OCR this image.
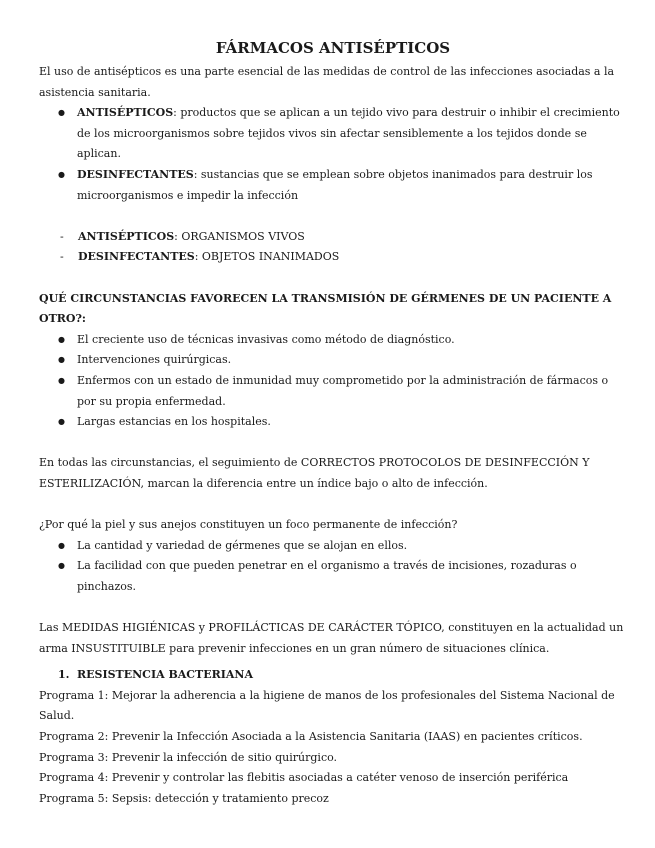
FÁRMACOS ANTISÉPTICOS

El uso de antisépticos es una parte esencial de las medidas de control de las infecciones asociadas a la asistencia sanitaria.

● ANTISÉPTICOS: productos que se aplican a un tejido vivo para destruir o inhibir el crecimiento de los microorganismos sobre tejidos vivos sin afectar sensiblemente a los tejidos donde se aplican.
● DESINFECTANTES: sustancias que se emplean sobre objetos inanimados para destruir los microorganismos e impedir la infección
- ANTISÉPTICOS: ORGANISMOS VIVOS
- DESINFECTANTES: OBJETOS INANIMADOS

QUÉ CIRCUNSTANCIAS FAVORECEN LA TRANSMISIÓN DE GÉRMENES DE UN PACIENTE A OTRO?:

● El creciente uso de técnicas invasivas como método de diagnóstico.
● Intervenciones quirúrgicas.
● Enfermos con un estado de inmunidad muy comprometido por la administración de fármacos o por su propia enfermedad.
● Largas estancias en los hospitales.

En todas las circunstancias, el seguimiento de CORRECTOS PROTOCOLOS DE DESINFECCIÓN Y ESTERILIZACIÓN, marcan la diferencia entre un índice bajo o alto de infección.

¿Por qué la piel y sus anejos constituyen un foco permanente de infección?

● La cantidad y variedad de gérmenes que se alojan en ellos.
● La facilidad con que pueden penetrar en el organismo a través de incisiones, rozaduras o pinchazos.

Las MEDIDAS HIGIÉNICAS y PROFILÁCTICAS DE CARÁCTER TÓPICO, constituyen en la actualidad un arma INSUSTITUIBLE para prevenir infecciones en un gran número de situaciones clínica.

1. RESISTENCIA BACTERIANA

Programa 1: Mejorar la adherencia a la higiene de manos de los profesionales del Sistema Nacional de Salud.

Programa 2: Prevenir la Infección Asociada a la Asistencia Sanitaria (IAAS) en pacientes críticos.

Programa 3: Prevenir la infección de sitio quirúrgico.

Programa 4: Prevenir y controlar las flebitis asociadas a catéter venoso de inserción periférica

Programa 5: Sepsis: detección y tratamiento precoz
